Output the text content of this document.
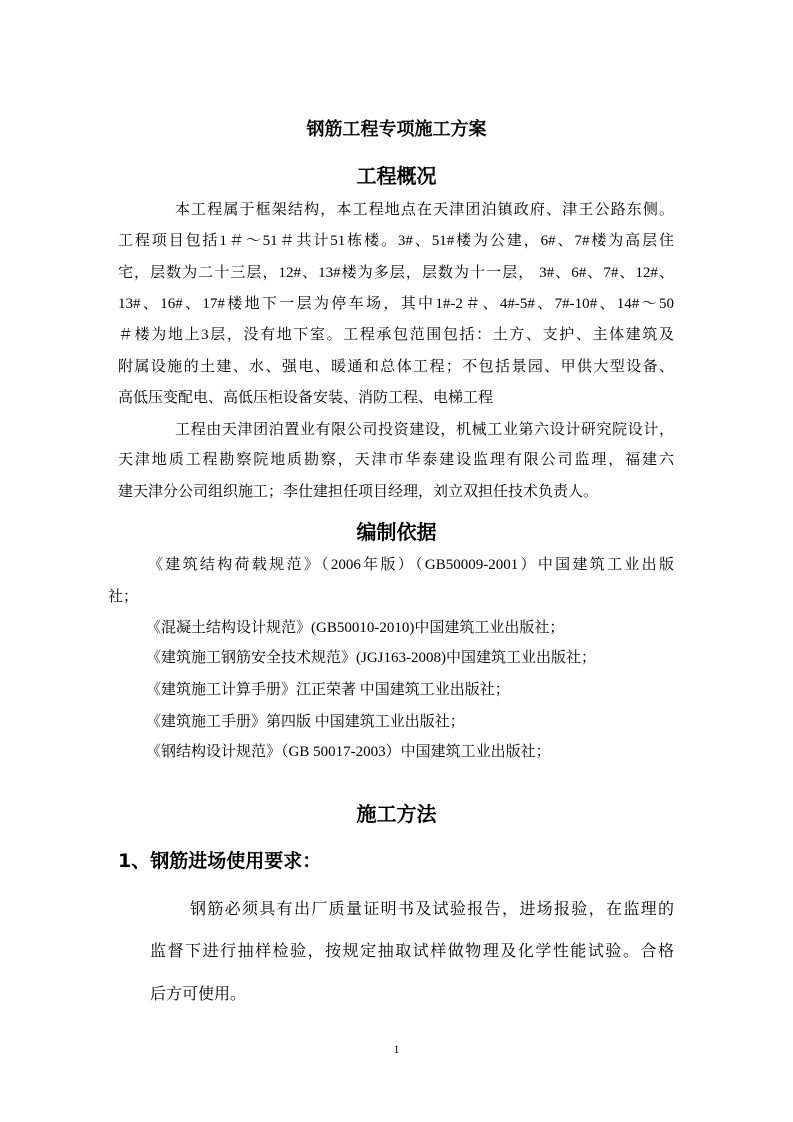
钢筋工程专项施工方案
工程概况
本工程属于框架结构，本工程地点在天津团泊镇政府、津王公路东侧。
工程项目包括1＃～51＃共计51栋楼。3#、51#楼为公建，6#、7#楼为高层住
宅，层数为二十三层，12#、13#楼为多层，层数为十一层， 3#、6#、7#、12#、
13#、16#、17#楼地下一层为停车场，其中1#-2＃、4#-5#、7#-10#、14#～50
＃楼为地上3层，没有地下室。工程承包范围包括：土方、支护、主体建筑及
附属设施的土建、水、强电、暖通和总体工程；不包括景园、甲供大型设备、
高低压变配电、高低压柜设备安装、消防工程、电梯工程
工程由天津团泊置业有限公司投资建设，机械工业第六设计研究院设计，
天津地质工程勘察院地质勘察，天津市华泰建设监理有限公司监理，福建六
建天津分公司组织施工；李仕建担任项目经理，刘立双担任技术负责人。
编制依据
《建筑结构荷载规范》（2006年版）（GB50009-2001）中国建筑工业出版
社；
《混凝土结构设计规范》(GB50010-2010)中国建筑工业出版社；
《建筑施工钢筋安全技术规范》(JGJ163-2008)中国建筑工业出版社；
《建筑施工计算手册》江正荣著 中国建筑工业出版社；
《建筑施工手册》第四版 中国建筑工业出版社；
《钢结构设计规范》（GB 50017-2003）中国建筑工业出版社；
施工方法
1、钢筋进场使用要求：
钢筋必须具有出厂质量证明书及试验报告，进场报验，在监理的
监督下进行抽样检验，按规定抽取试样做物理及化学性能试验。合格
后方可使用。
1
